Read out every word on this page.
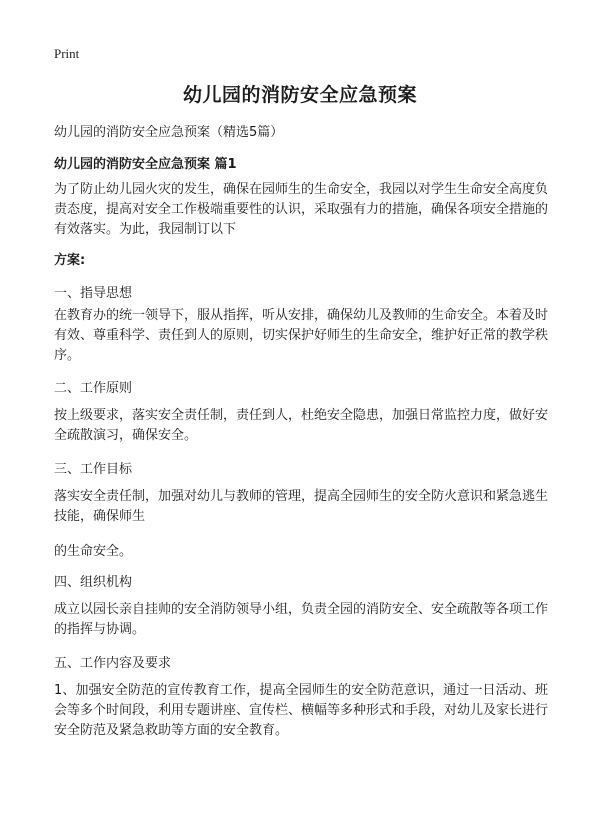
Print
幼儿园的消防安全应急预案

幼儿园的消防安全应急预案（精选5篇）

幼儿园的消防安全应急预案 篇1

为了防止幼儿园火灾的发生，确保在园师生的生命安全，我园以对学生生命安全高度负责态度，提高对安全工作极端重要性的认识，采取强有力的措施，确保各项安全措施的有效落实。为此，我园制订以下

方案:

一、指导思想

在教育办的统一领导下，服从指挥，听从安排，确保幼儿及教师的生命安全。本着及时有效、尊重科学、责任到人的原则，切实保护好师生的生命安全，维护好正常的教学秩序。

二、工作原则

按上级要求，落实安全责任制，责任到人，杜绝安全隐患，加强日常监控力度，做好安全疏散演习，确保安全。

三、工作目标

落实安全责任制，加强对幼儿与教师的管理，提高全园师生的安全防火意识和紧急逃生技能，确保师生

的生命安全。

四、组织机构

成立以园长亲自挂帅的安全消防领导小组，负责全园的消防安全、安全疏散等各项工作的指挥与协调。

五、工作内容及要求

1、加强安全防范的宣传教育工作，提高全园师生的安全防范意识，通过一日活动、班会等多个时间段，利用专题讲座、宣传栏、横幅等多种形式和手段，对幼儿及家长进行安全防范及紧急救助等方面的安全教育。
